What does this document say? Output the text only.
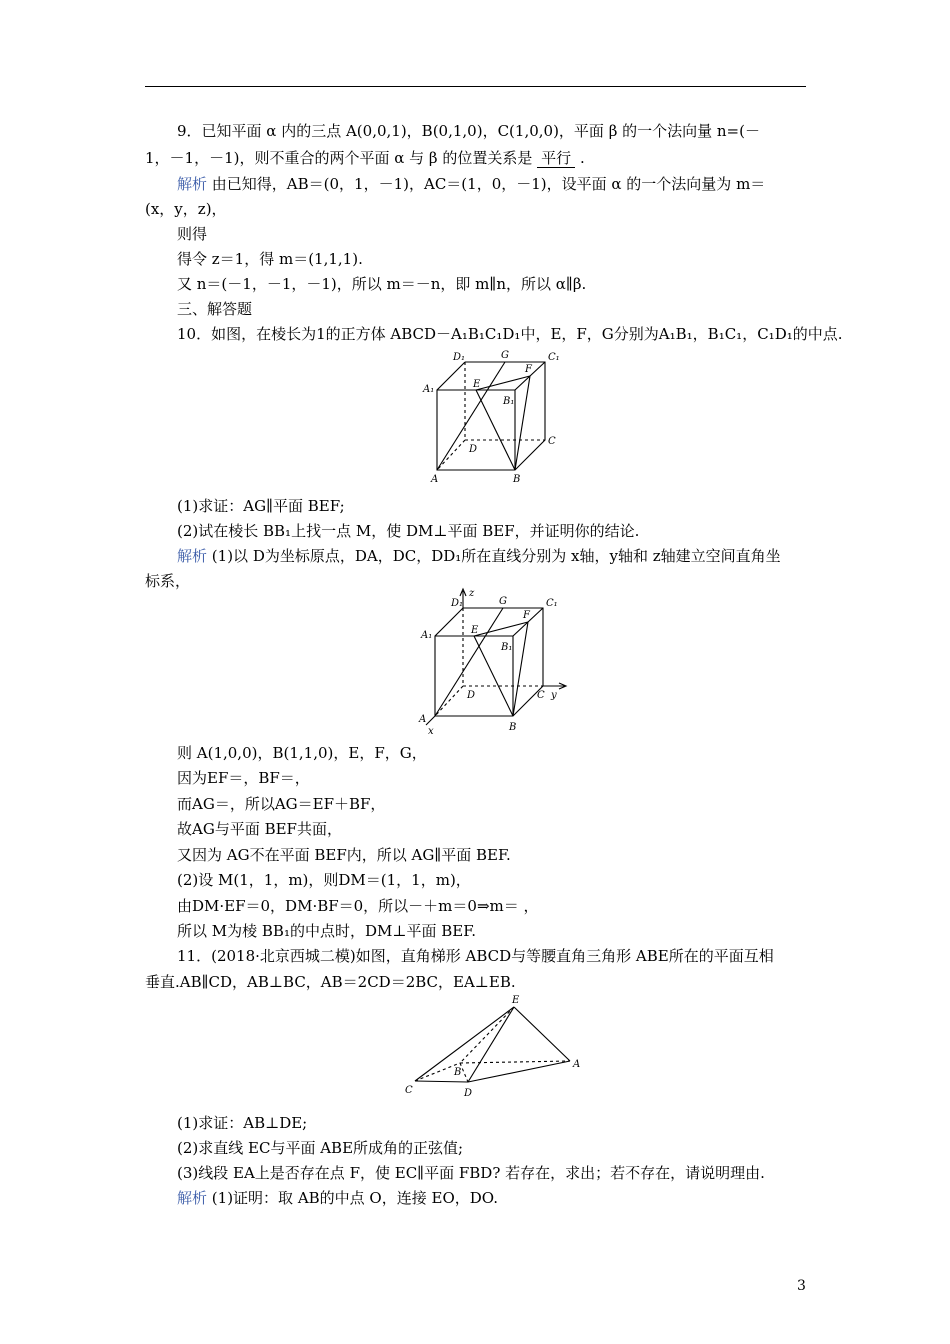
9．已知平面 α 内的三点 A(0,0,1)，B(0,1,0)，C(1,0,0)，平面 β 的一个法向量 n=(－
1，－1，－1)，则不重合的两个平面 α 与 β 的位置关系是 平行 .
解析 由已知得，AB＝(0，1，－1)，AC＝(1，0，－1)，设平面 α 的一个法向量为 m＝
(x，y，z)，
则得
得令 z＝1，得 m＝(1,1,1).
又 n＝(－1，－1，－1)，所以 m＝－n，即 m∥n，所以 α∥β.
三、解答题
10．如图，在棱长为1的正方体 ABCD－A₁B₁C₁D₁中，E，F，G分别为A₁B₁，B₁C₁，C₁D₁的中点.
D₁	G	C₁
A₁	E
F
B₁
D
C
A	B
(1)求证：AG∥平面 BEF;
(2)试在棱长 BB₁上找一点 M，使 DM⊥平面 BEF，并证明你的结论.
解析 (1)以 D为坐标原点，DA，DC，DD₁所在直线分别为 x轴，y轴和 z轴建立空间直角坐
标系，
z
D₁	G	C₁
A₁	E
F
B₁
D	C y
A
x	B
则 A(1,0,0)，B(1,1,0)，E，F，G，
因为EF＝，BF＝，
而AG＝，所以AG＝EF＋BF，
故AG与平面 BEF共面，
又因为 AG不在平面 BEF内，所以 AG∥平面 BEF.
(2)设 M(1，1，m)，则DM＝(1，1，m)，
由DM·EF＝0，DM·BF＝0，所以－＋m＝0⇒m＝ ，
所以 M为棱 BB₁的中点时，DM⊥平面 BEF.
11．(2018·北京西城二模)如图，直角梯形 ABCD与等腰直角三角形 ABE所在的平面互相
垂直.AB∥CD，AB⊥BC，AB＝2CD＝2BC，EA⊥EB.
E
A
B
C	D
(1)求证：AB⊥DE;
(2)求直线 EC与平面 ABE所成角的正弦值;
(3)线段 EA上是否存在点 F，使 EC∥平面 FBD? 若存在，求出；若不存在，请说明理由.
解析 (1)证明：取 AB的中点 O，连接 EO，DO.
3
